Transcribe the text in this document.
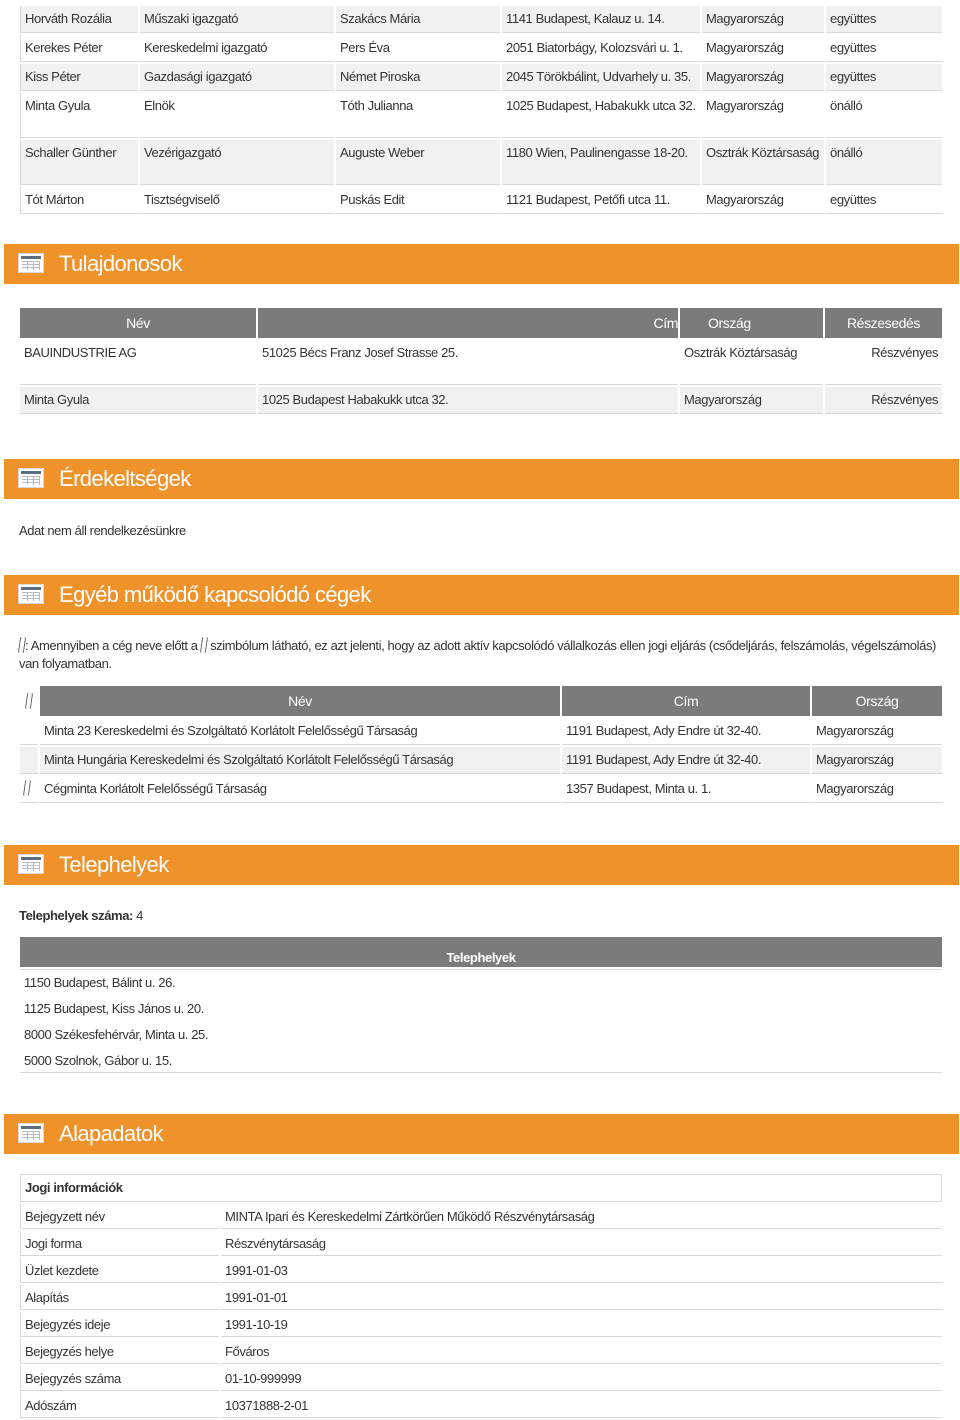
Horváth Rozália	Műszaki igazgató	Szakács Mária	1141 Budapest, Kalauz u. 14.	Magyarország	együttes
Kerekes Péter	Kereskedelmi igazgató	Pers Éva	2051 Biatorbágy, Kolozsvári u. 1.	Magyarország	együttes
Kiss Péter	Gazdasági igazgató	Német Piroska	2045 Törökbálint, Udvarhely u. 35.	Magyarország	együttes
Minta Gyula	Elnök	Tóth Julianna	1025 Budapest, Habakukk utca 32.	Magyarország	önálló
Schaller Günther	Vezérigazgató	Auguste Weber	1180 Wien, Paulinengasse 18-20.	Osztrák Köztársaság	önálló
Tót Márton	Tisztségviselő	Puskás Edit	1121 Budapest, Petőfi utca 11.	Magyarország	együttes
Tulajdonosok
Név	Cím	Ország	Részesedés
BAUINDUSTRIE AG	51025 Bécs Franz Josef Strasse 25.	Osztrák Köztársaság	Részvényes
Minta Gyula	1025 Budapest Habakukk utca 32.	Magyarország	Részvényes
Érdekeltségek
Adat nem áll rendelkezésünkre
Egyéb működő kapcsolódó cégek
: Amennyiben a cég neve előtt a szimbólum látható, ez azt jelenti, hogy az adott aktív kapcsolódó vállalkozás ellen jogi eljárás (csődeljárás, felszámolás, végelszámolás) van folyamatban.
	Név	Cím	Ország
	Minta 23 Kereskedelmi és Szolgáltató Korlátolt Felelősségű Társaság	1191 Budapest, Ady Endre út 32-40.	Magyarország
	Minta Hungária Kereskedelmi és Szolgáltató Korlátolt Felelősségű Társaság	1191 Budapest, Ady Endre út 32-40.	Magyarország
	Cégminta Korlátolt Felelősségű Társaság	1357 Budapest, Minta u. 1.	Magyarország
Telephelyek
Telephelyek száma: 4
Telephelyek
1150 Budapest, Bálint u. 26.
1125 Budapest, Kiss János u. 20.
8000 Székesfehérvár, Minta u. 25.
5000 Szolnok, Gábor u. 15.
Alapadatok
Jogi információk	
Bejegyzett név	MINTA Ipari és Kereskedelmi Zártkörűen Működő Részvénytársaság
Jogi forma	Részvénytársaság
Üzlet kezdete	1991-01-03
Alapítás	1991-01-01
Bejegyzés ideje	1991-10-19
Bejegyzés helye	Főváros
Bejegyzés száma	01-10-999999
Adószám	10371888-2-01
